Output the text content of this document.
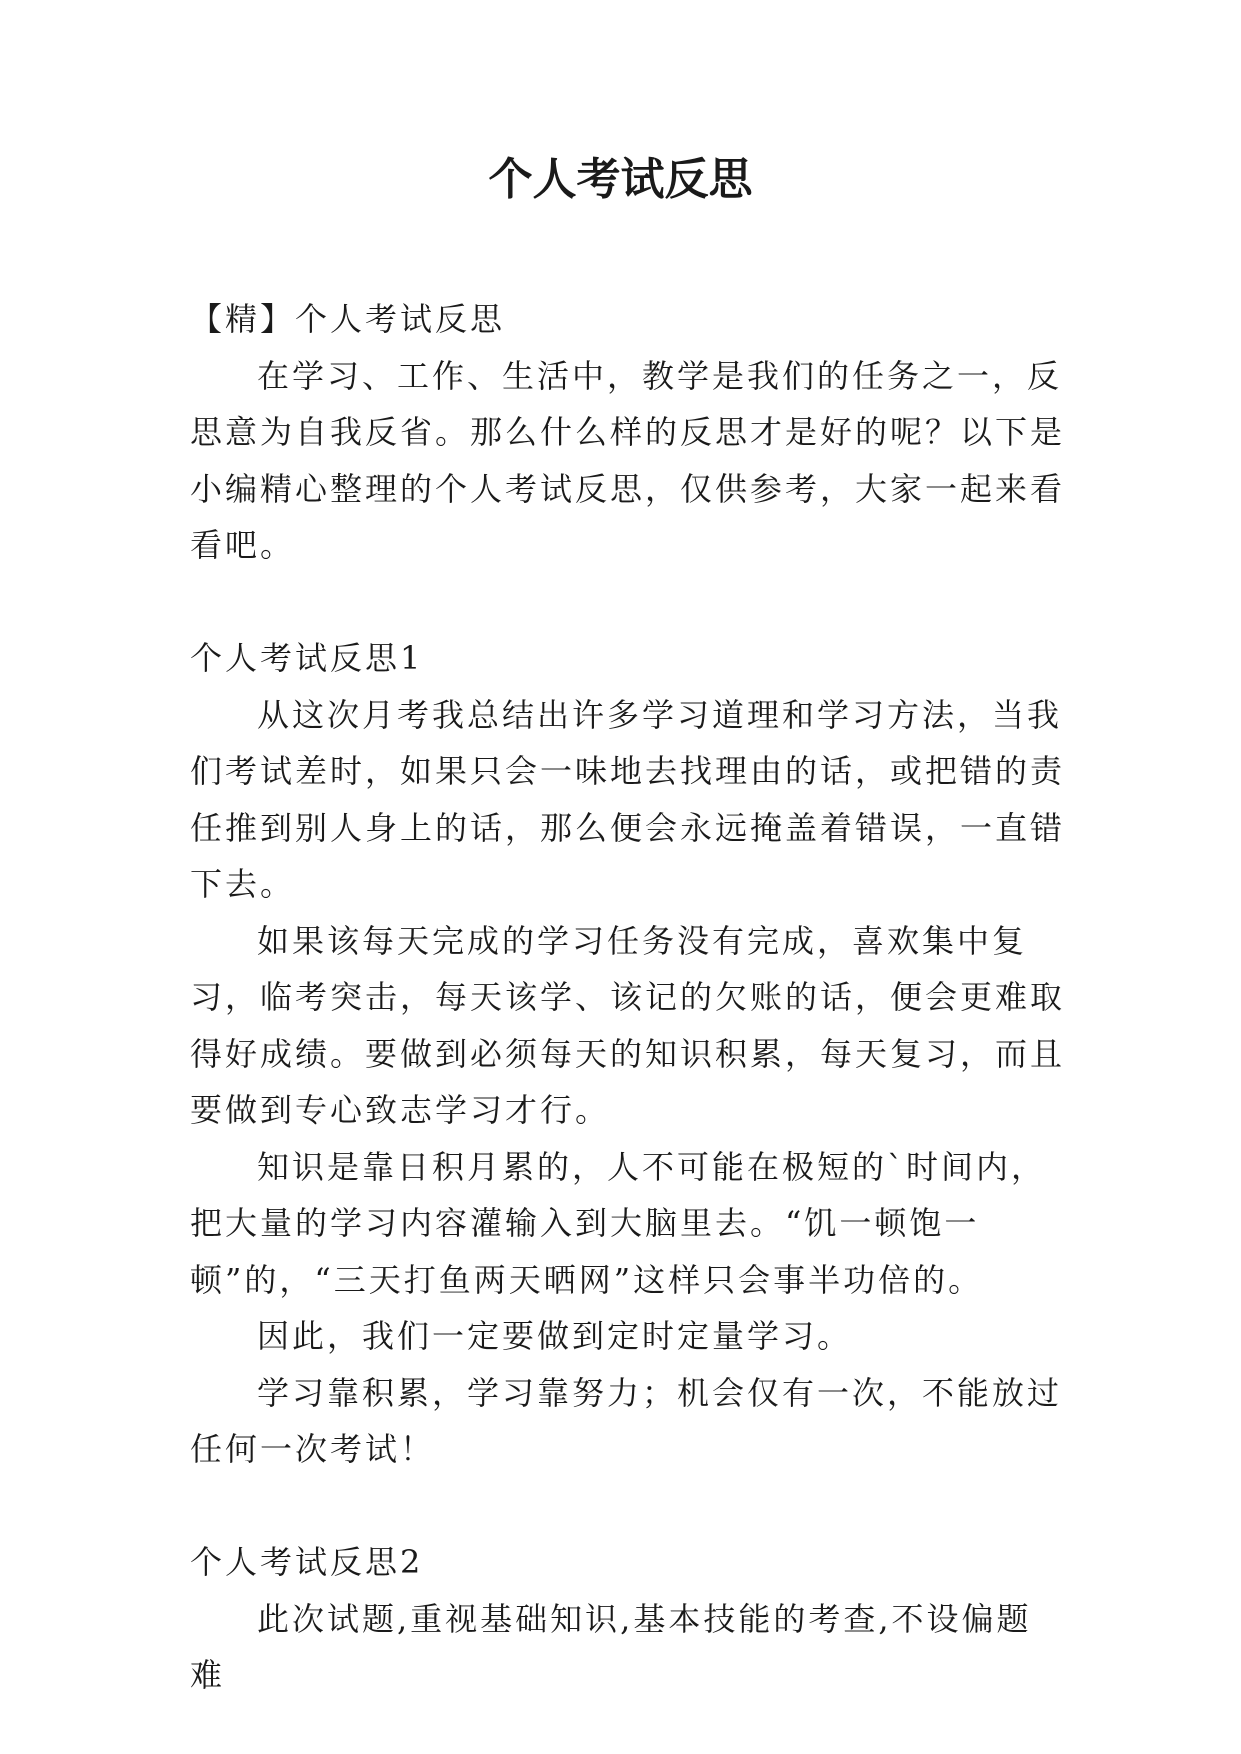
个人考试反思

【精】个人考试反思

在学习、工作、生活中，教学是我们的任务之一，反思意为自我反省。那么什么样的反思才是好的呢？以下是小编精心整理的个人考试反思，仅供参考，大家一起来看看吧。

个人考试反思1

从这次月考我总结出许多学习道理和学习方法，当我们考试差时，如果只会一味地去找理由的话，或把错的责任推到别人身上的话，那么便会永远掩盖着错误，一直错下去。

如果该每天完成的学习任务没有完成，喜欢集中复习，临考突击，每天该学、该记的欠账的话，便会更难取得好成绩。要做到必须每天的知识积累，每天复习，而且要做到专心致志学习才行。

知识是靠日积月累的，人不可能在极短的`时间内，把大量的学习内容灌输入到大脑里去。“饥一顿饱一顿”的，“三天打鱼两天晒网”这样只会事半功倍的。

因此，我们一定要做到定时定量学习。

学习靠积累，学习靠努力；机会仅有一次，不能放过任何一次考试！

个人考试反思2

此次试题,重视基础知识,基本技能的考查,不设偏题难
